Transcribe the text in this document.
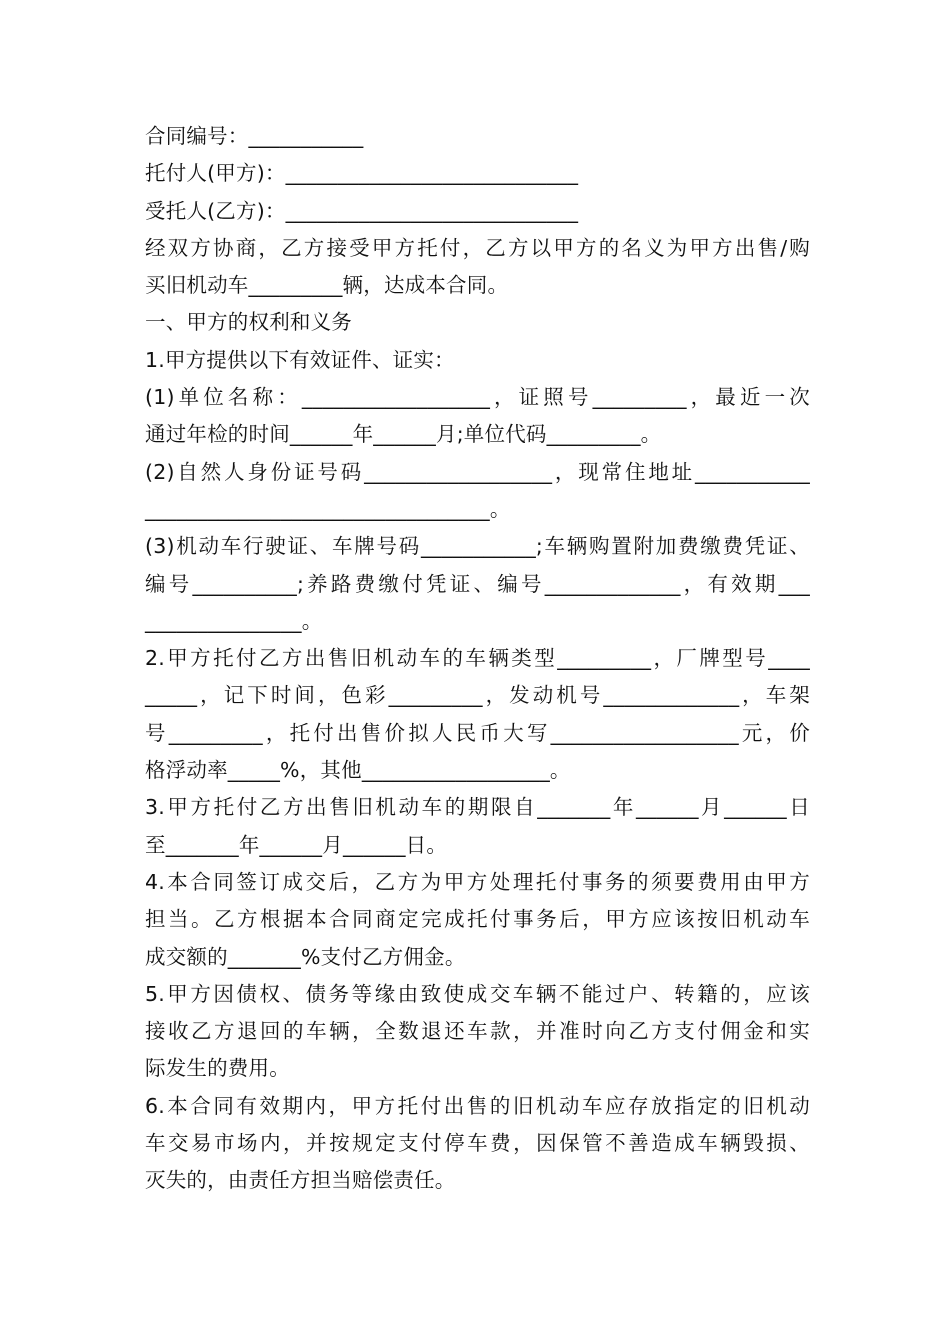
合同编号：___________
托付人(甲方)：____________________________
受托人(乙方)：____________________________
经双方协商，乙方接受甲方托付，乙方以甲方的名义为甲方出售/购
买旧机动车_________辆，达成本合同。
一、甲方的权利和义务
1.甲方提供以下有效证件、证实：
(1)单位名称：__________________，证照号_________，最近一次
通过年检的时间______年______月;单位代码_________。
(2)自然人身份证号码__________________，现常住地址___________
_________________________________。
(3)机动车行驶证、车牌号码___________;车辆购置附加费缴费凭证、
编号__________;养路费缴付凭证、编号_____________，有效期___
_______________。
2.甲方托付乙方出售旧机动车的车辆类型_________，厂牌型号____
_____，记下时间，色彩_________，发动机号_____________，车架
号_________，托付出售价拟人民币大写__________________元，价
格浮动率_____%，其他__________________。
3.甲方托付乙方出售旧机动车的期限自_______年______月______日
至_______年______月______日。
4.本合同签订成交后，乙方为甲方处理托付事务的须要费用由甲方
担当。乙方根据本合同商定完成托付事务后，甲方应该按旧机动车
成交额的_______%支付乙方佣金。
5.甲方因债权、债务等缘由致使成交车辆不能过户、转籍的，应该
接收乙方退回的车辆，全数退还车款，并准时向乙方支付佣金和实
际发生的费用。
6.本合同有效期内，甲方托付出售的旧机动车应存放指定的旧机动
车交易市场内，并按规定支付停车费，因保管不善造成车辆毁损、
灭失的，由责任方担当赔偿责任。
